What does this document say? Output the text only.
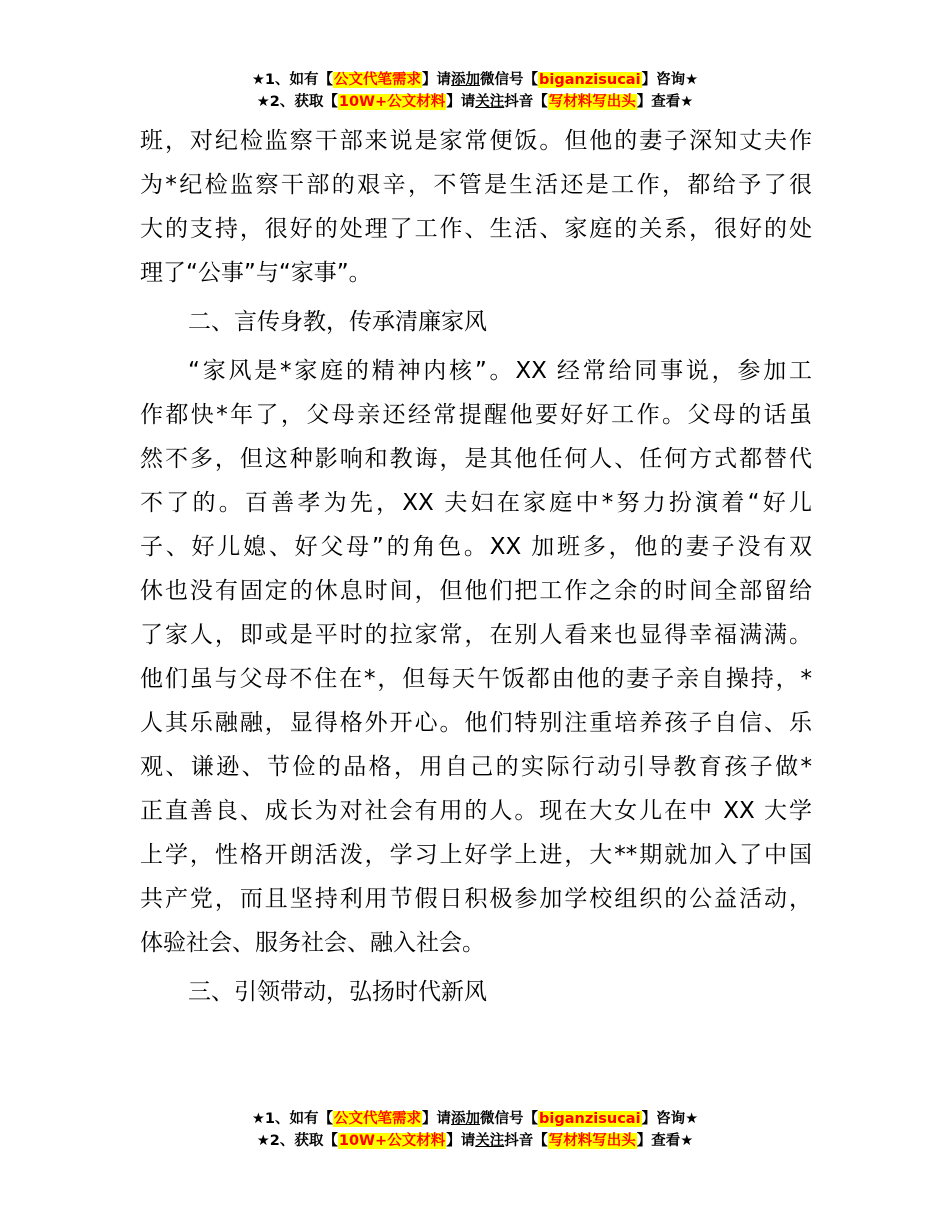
★1、如有【公文代笔需求】请添加微信号【biganzisucai】咨询★
★2、获取【10W+公文材料】请关注抖音【写材料写出头】查看★
班，对纪检监察干部来说是家常便饭。但他的妻子深知丈夫作
为*纪检监察干部的艰辛，不管是生活还是工作，都给予了很
大的支持，很好的处理了工作、生活、家庭的关系，很好的处
理了“公事”与“家事”。
二、言传身教，传承清廉家风
“家风是*家庭的精神内核”。XX 经常给同事说，参加工
作都快*年了，父母亲还经常提醒他要好好工作。父母的话虽
然不多，但这种影响和教诲，是其他任何人、任何方式都替代
不了的。百善孝为先，XX 夫妇在家庭中*努力扮演着“好儿
子、好儿媳、好父母”的角色。XX 加班多，他的妻子没有双
休也没有固定的休息时间，但他们把工作之余的时间全部留给
了家人，即或是平时的拉家常，在别人看来也显得幸福满满。
他们虽与父母不住在*，但每天午饭都由他的妻子亲自操持，*
人其乐融融，显得格外开心。他们特别注重培养孩子自信、乐
观、谦逊、节俭的品格，用自己的实际行动引导教育孩子做*
正直善良、成长为对社会有用的人。现在大女儿在中 XX 大学
上学，性格开朗活泼，学习上好学上进，大**期就加入了中国
共产党，而且坚持利用节假日积极参加学校组织的公益活动，
体验社会、服务社会、融入社会。
三、引领带动，弘扬时代新风
★1、如有【公文代笔需求】请添加微信号【biganzisucai】咨询★
★2、获取【10W+公文材料】请关注抖音【写材料写出头】查看★
